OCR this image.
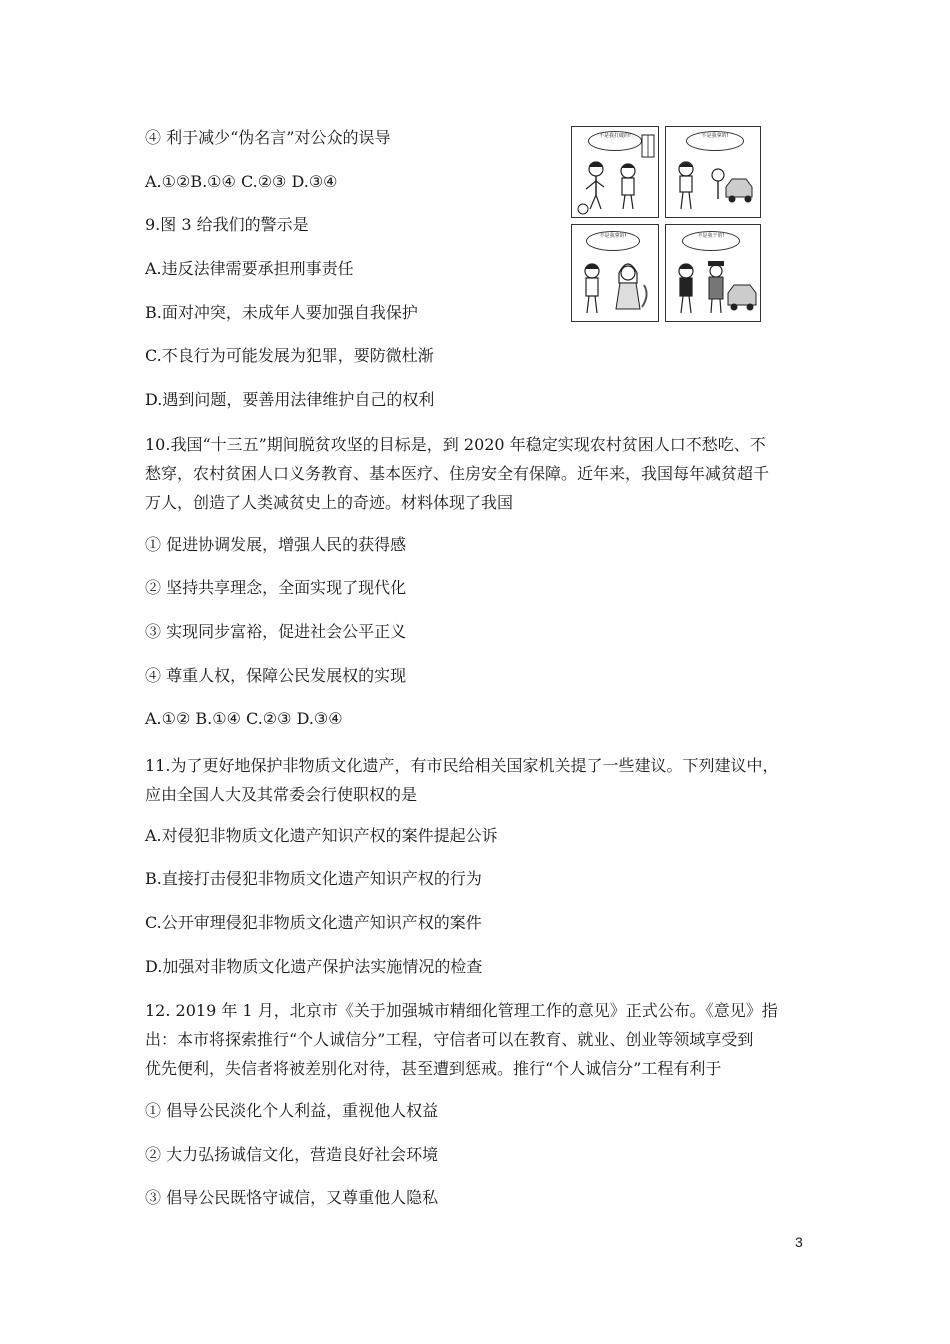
④ 利于减少“伪名言”对公众的误导
A.①②B.①④ C.②③ D.③④
9.图 3 给我们的警示是
A.违反法律需要承担刑事责任
B.面对冲突，未成年人要加强自我保护
C.不良行为可能发展为犯罪，要防微杜渐
D.遇到问题，要善用法律维护自己的权利
不是我打破的!	不是我拿的!
不是我拿的!	不是我干的!
10.我国“十三五”期间脱贫攻坚的目标是，到 2020 年稳定实现农村贫困人口不愁吃、不
愁穿，农村贫困人口义务教育、基本医疗、住房安全有保障。近年来，我国每年减贫超千
万人，创造了人类减贫史上的奇迹。材料体现了我国
① 促进协调发展，增强人民的获得感
② 坚持共享理念，全面实现了现代化
③ 实现同步富裕，促进社会公平正义
④ 尊重人权，保障公民发展权的实现
A.①② B.①④ C.②③ D.③④
11.为了更好地保护非物质文化遗产，有市民给相关国家机关提了一些建议。下列建议中，
应由全国人大及其常委会行使职权的是
A.对侵犯非物质文化遗产知识产权的案件提起公诉
B.直接打击侵犯非物质文化遗产知识产权的行为
C.公开审理侵犯非物质文化遗产知识产权的案件
D.加强对非物质文化遗产保护法实施情况的检查
12. 2019 年 1 月，北京市《关于加强城市精细化管理工作的意见》正式公布。《意见》指
出：本市将探索推行“个人诚信分”工程，守信者可以在教育、就业、创业等领域享受到
优先便利，失信者将被差别化对待，甚至遭到惩戒。推行“个人诚信分”工程有利于
① 倡导公民淡化个人利益，重视他人权益
② 大力弘扬诚信文化，营造良好社会环境
③ 倡导公民既恪守诚信，又尊重他人隐私
3
